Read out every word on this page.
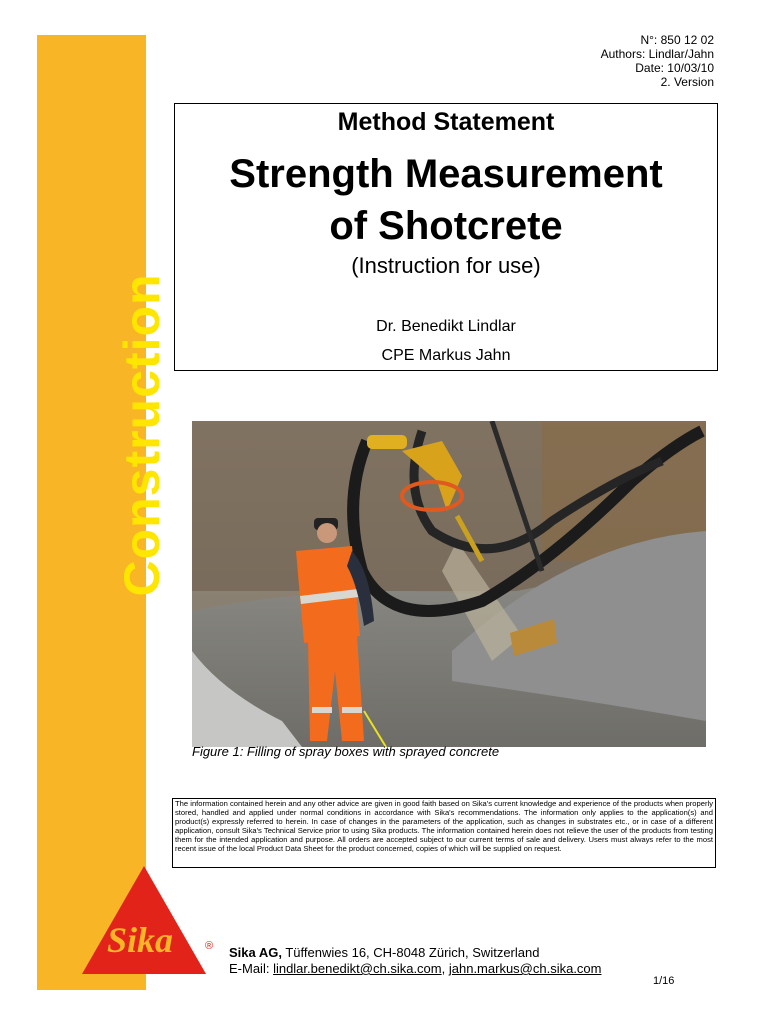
Construction
N°: 850 12 02
Authors: Lindlar/Jahn
Date: 10/03/10
2. Version
Method Statement
Strength Measurement
of Shotcrete
(Instruction for use)
Dr. Benedikt Lindlar
CPE Markus Jahn
Figure 1: Filling of spray boxes with sprayed concrete
The information contained herein and any other advice are given in good faith based on Sika's current knowledge and experience of the products when properly stored, handled and applied under normal conditions in accordance with Sika's recommendations. The information only applies to the application(s) and product(s) expressly referred to herein. In case of changes in the parameters of the application, such as changes in substrates etc., or in case of a different application, consult Sika's Technical Service prior to using Sika products. The information contained herein does not relieve the user of the products from testing them for the intended application and purpose. All orders are accepted subject to our current terms of sale and delivery. Users must always refer to the most recent issue of the local Product Data Sheet for the product concerned, copies of which will be supplied on request.
Sika	® Sika AG, Tüffenwies 16, CH-8048 Zürich, Switzerland
E-Mail: lindlar.benedikt@ch.sika.com, jahn.markus@ch.sika.com
1/16
